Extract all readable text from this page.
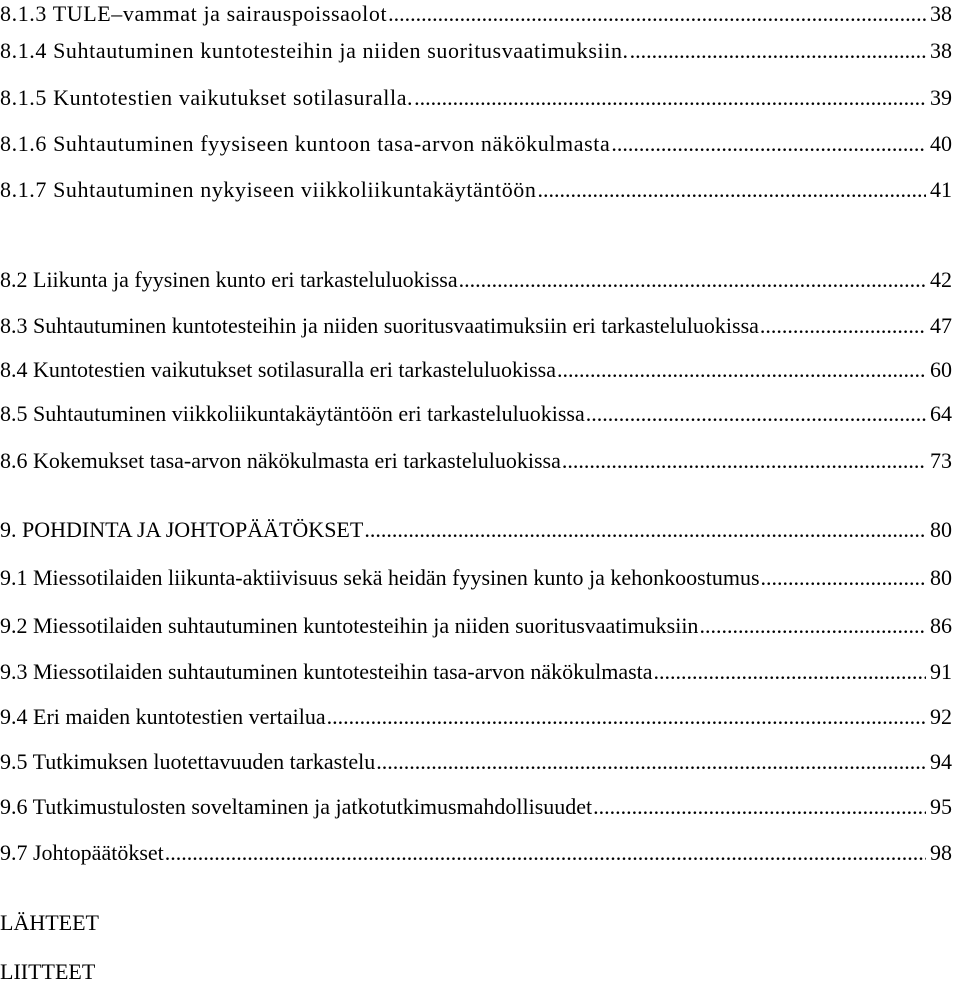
8.1.3 TULE–vammat ja sairauspoissaolot .....	38
8.1.4 Suhtautuminen kuntotesteihin ja niiden suoritusvaatimuksiin. .....	38
8.1.5 Kuntotestien vaikutukset sotilasuralla. .....	39
8.1.6 Suhtautuminen fyysiseen kuntoon tasa-arvon näkökulmasta .....	40
8.1.7 Suhtautuminen nykyiseen viikkoliikuntakäytäntöön .....	41
8.2 Liikunta ja fyysinen kunto eri tarkasteluluokissa .....	42
8.3 Suhtautuminen kuntotesteihin ja niiden suoritusvaatimuksiin eri tarkasteluluokissa .....	47
8.4 Kuntotestien vaikutukset sotilasuralla eri tarkasteluluokissa .....	60
8.5 Suhtautuminen viikkoliikuntakäytäntöön eri tarkasteluluokissa .....	64
8.6 Kokemukset tasa-arvon näkökulmasta eri tarkasteluluokissa .....	73
9. POHDINTA JA JOHTOPÄÄTÖKSET .....	80
9.1 Miessotilaiden liikunta-aktiivisuus sekä heidän fyysinen kunto ja kehonkoostumus .....	80
9.2 Miessotilaiden suhtautuminen kuntotesteihin ja niiden suoritusvaatimuksiin .....	86
9.3 Miessotilaiden suhtautuminen kuntotesteihin tasa-arvon näkökulmasta .....	91
9.4 Eri maiden kuntotestien vertailua .....	92
9.5 Tutkimuksen luotettavuuden tarkastelu .....	94
9.6 Tutkimustulosten soveltaminen ja jatkotutkimusmahdollisuudet .....	95
9.7 Johtopäätökset .....	98
LÄHTEET
LIITTEET
